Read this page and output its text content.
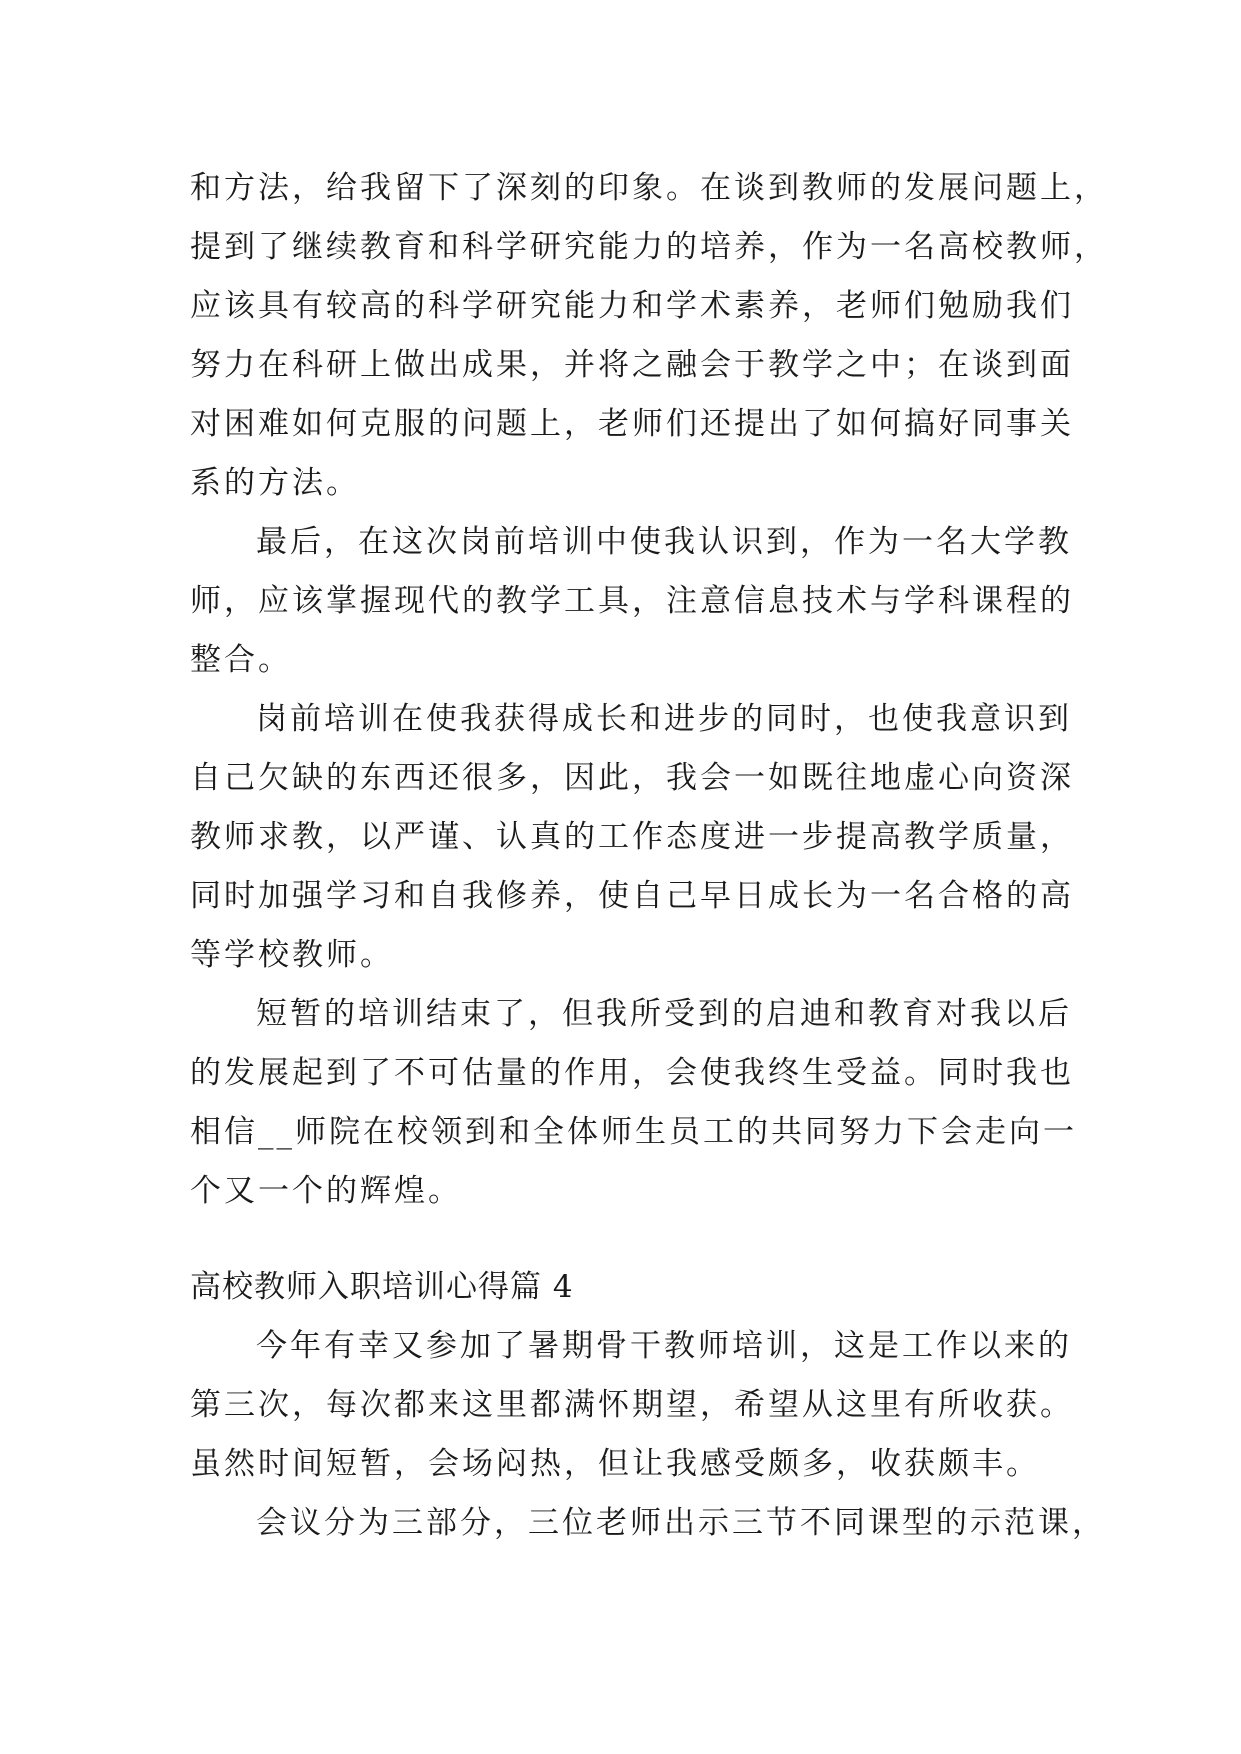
和方法，给我留下了深刻的印象。在谈到教师的发展问题上，
提到了继续教育和科学研究能力的培养，作为一名高校教师，
应该具有较高的科学研究能力和学术素养，老师们勉励我们
努力在科研上做出成果，并将之融会于教学之中；在谈到面
对困难如何克服的问题上，老师们还提出了如何搞好同事关
系的方法。
最后，在这次岗前培训中使我认识到，作为一名大学教
师，应该掌握现代的教学工具，注意信息技术与学科课程的
整合。
岗前培训在使我获得成长和进步的同时，也使我意识到
自己欠缺的东西还很多，因此，我会一如既往地虚心向资深
教师求教，以严谨、认真的工作态度进一步提高教学质量，
同时加强学习和自我修养，使自己早日成长为一名合格的高
等学校教师。
短暂的培训结束了，但我所受到的启迪和教育对我以后
的发展起到了不可估量的作用，会使我终生受益。同时我也
相信__师院在校领到和全体师生员工的共同努力下会走向一
个又一个的辉煌。
高校教师入职培训心得篇 4
今年有幸又参加了暑期骨干教师培训，这是工作以来的
第三次，每次都来这里都满怀期望，希望从这里有所收获。
虽然时间短暂，会场闷热，但让我感受颇多，收获颇丰。
会议分为三部分，三位老师出示三节不同课型的示范课，
